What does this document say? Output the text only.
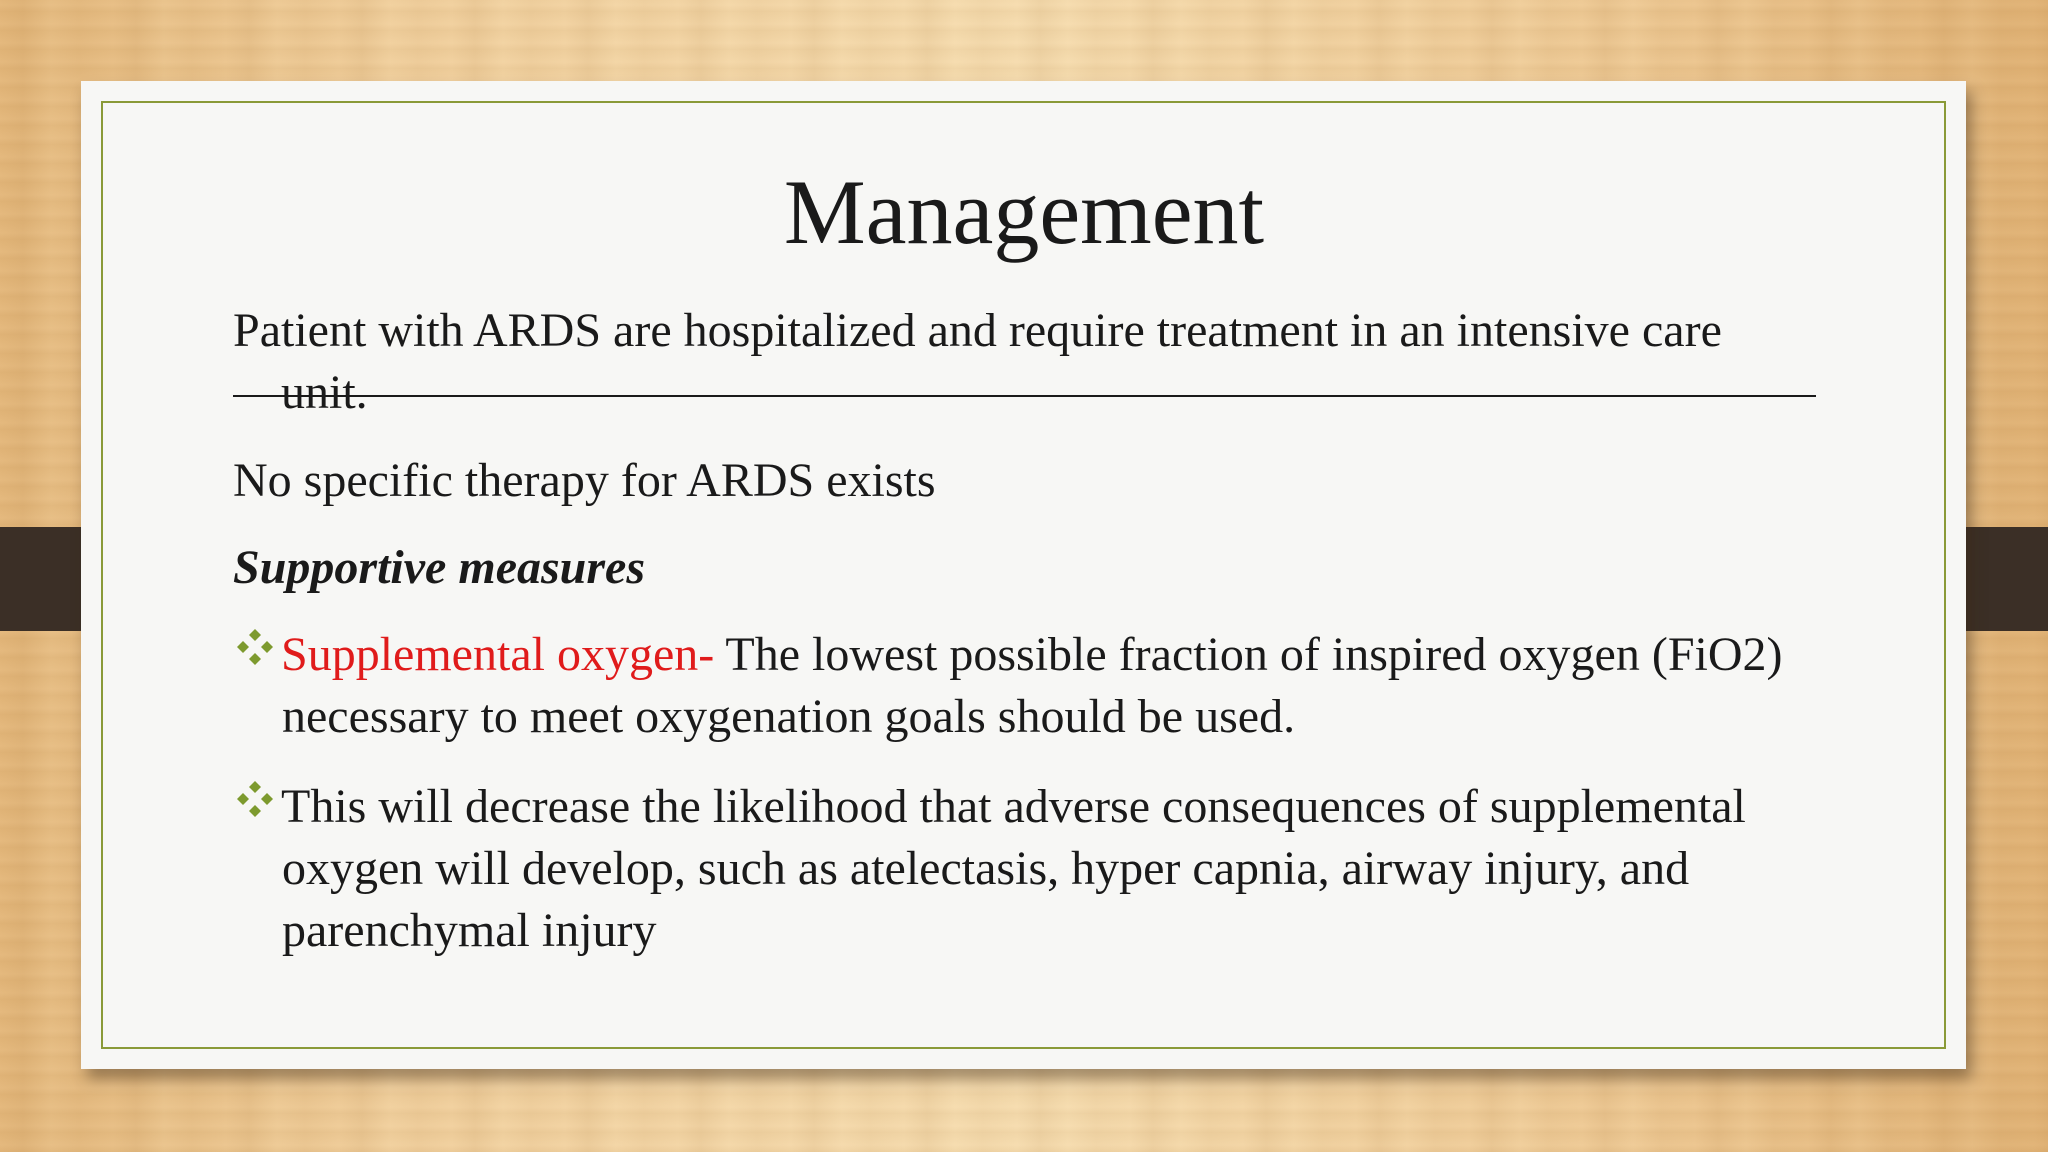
Management
Patient with ARDS are hospitalized and require treatment in an intensive care
unit.
No specific therapy for ARDS exists
Supportive measures
Supplemental oxygen- The lowest possible fraction of inspired oxygen (FiO2)
necessary to meet oxygenation goals should be used.
This will decrease the likelihood that adverse consequences of supplemental
oxygen will develop, such as atelectasis, hyper capnia, airway injury, and
parenchymal injury
